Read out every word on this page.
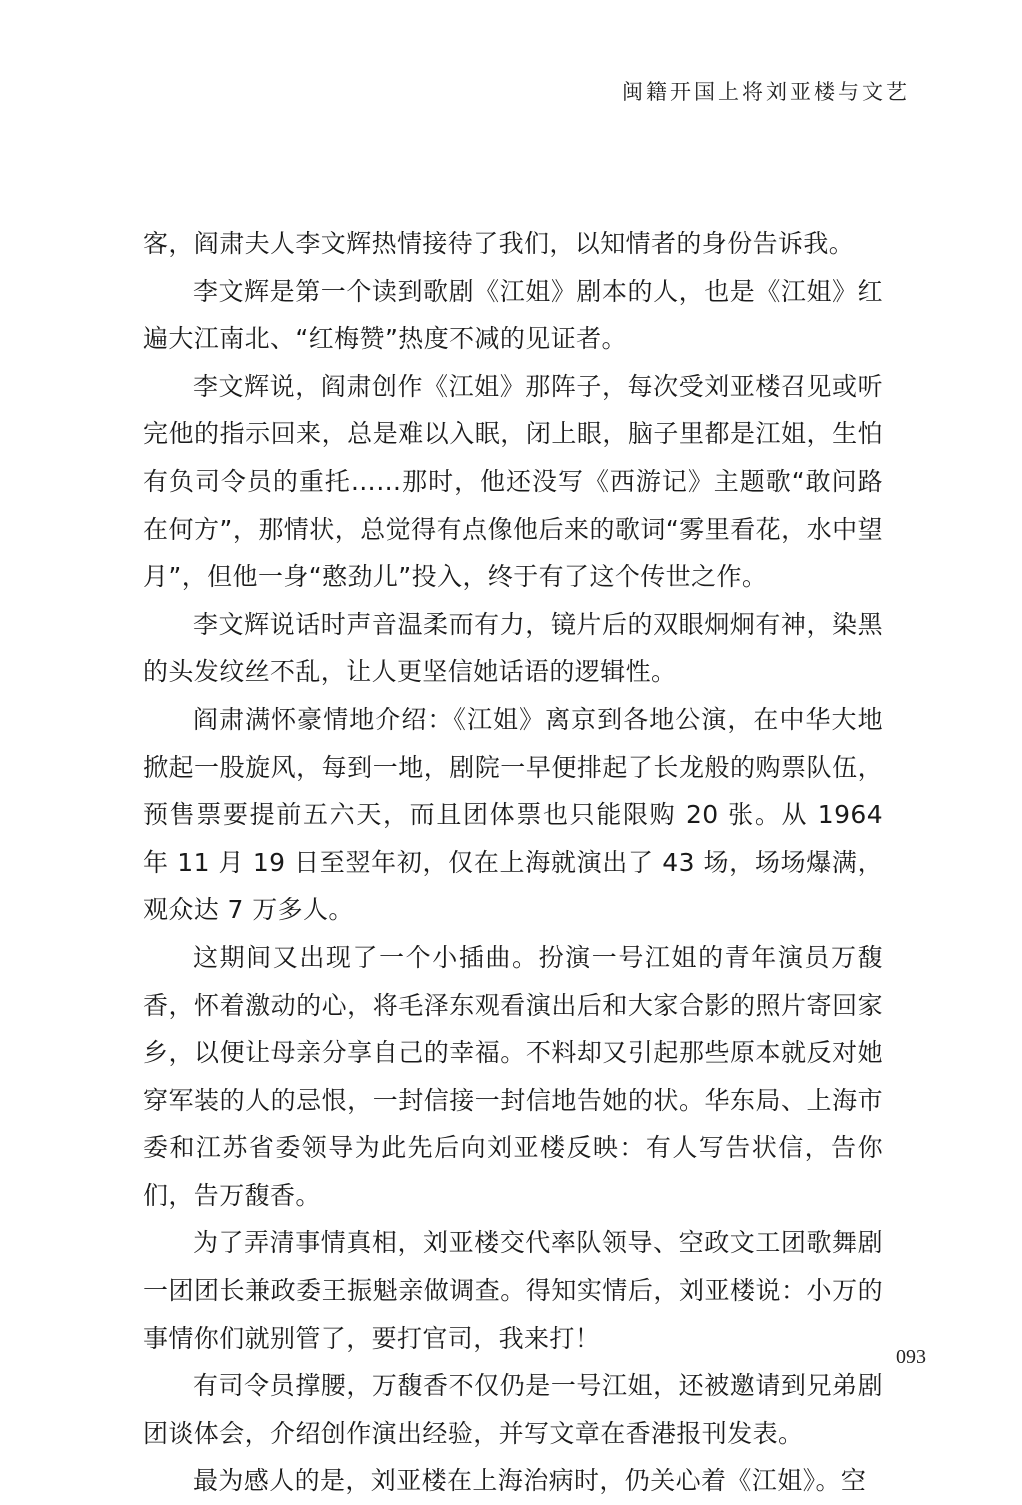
闽籍开国上将刘亚楼与文艺

客，阎肃夫人李文辉热情接待了我们，以知情者的身份告诉我。

李文辉是第一个读到歌剧《江姐》剧本的人，也是《江姐》红遍大江南北、“红梅赞”热度不减的见证者。

李文辉说，阎肃创作《江姐》那阵子，每次受刘亚楼召见或听完他的指示回来，总是难以入眠，闭上眼，脑子里都是江姐，生怕有负司令员的重托……那时，他还没写《西游记》主题歌“敢问路在何方”，那情状，总觉得有点像他后来的歌词“雾里看花，水中望月”，但他一身“憨劲儿”投入，终于有了这个传世之作。

李文辉说话时声音温柔而有力，镜片后的双眼炯炯有神，染黑的头发纹丝不乱，让人更坚信她话语的逻辑性。

阎肃满怀豪情地介绍：《江姐》离京到各地公演，在中华大地掀起一股旋风，每到一地，剧院一早便排起了长龙般的购票队伍，预售票要提前五六天，而且团体票也只能限购 20 张。从 1964 年 11 月 19 日至翌年初，仅在上海就演出了 43 场，场场爆满，观众达 7 万多人。

这期间又出现了一个小插曲。扮演一号江姐的青年演员万馥香，怀着激动的心，将毛泽东观看演出后和大家合影的照片寄回家乡，以便让母亲分享自己的幸福。不料却又引起那些原本就反对她穿军装的人的忌恨，一封信接一封信地告她的状。华东局、上海市委和江苏省委领导为此先后向刘亚楼反映：有人写告状信，告你们，告万馥香。

为了弄清事情真相，刘亚楼交代率队领导、空政文工团歌舞剧一团团长兼政委王振魁亲做调查。得知实情后，刘亚楼说：小万的事情你们就别管了，要打官司，我来打！

有司令员撑腰，万馥香不仅仍是一号江姐，还被邀请到兄弟剧团谈体会，介绍创作演出经验，并写文章在香港报刊发表。

最为感人的是，刘亚楼在上海治病时，仍关心着《江姐》。空

093
